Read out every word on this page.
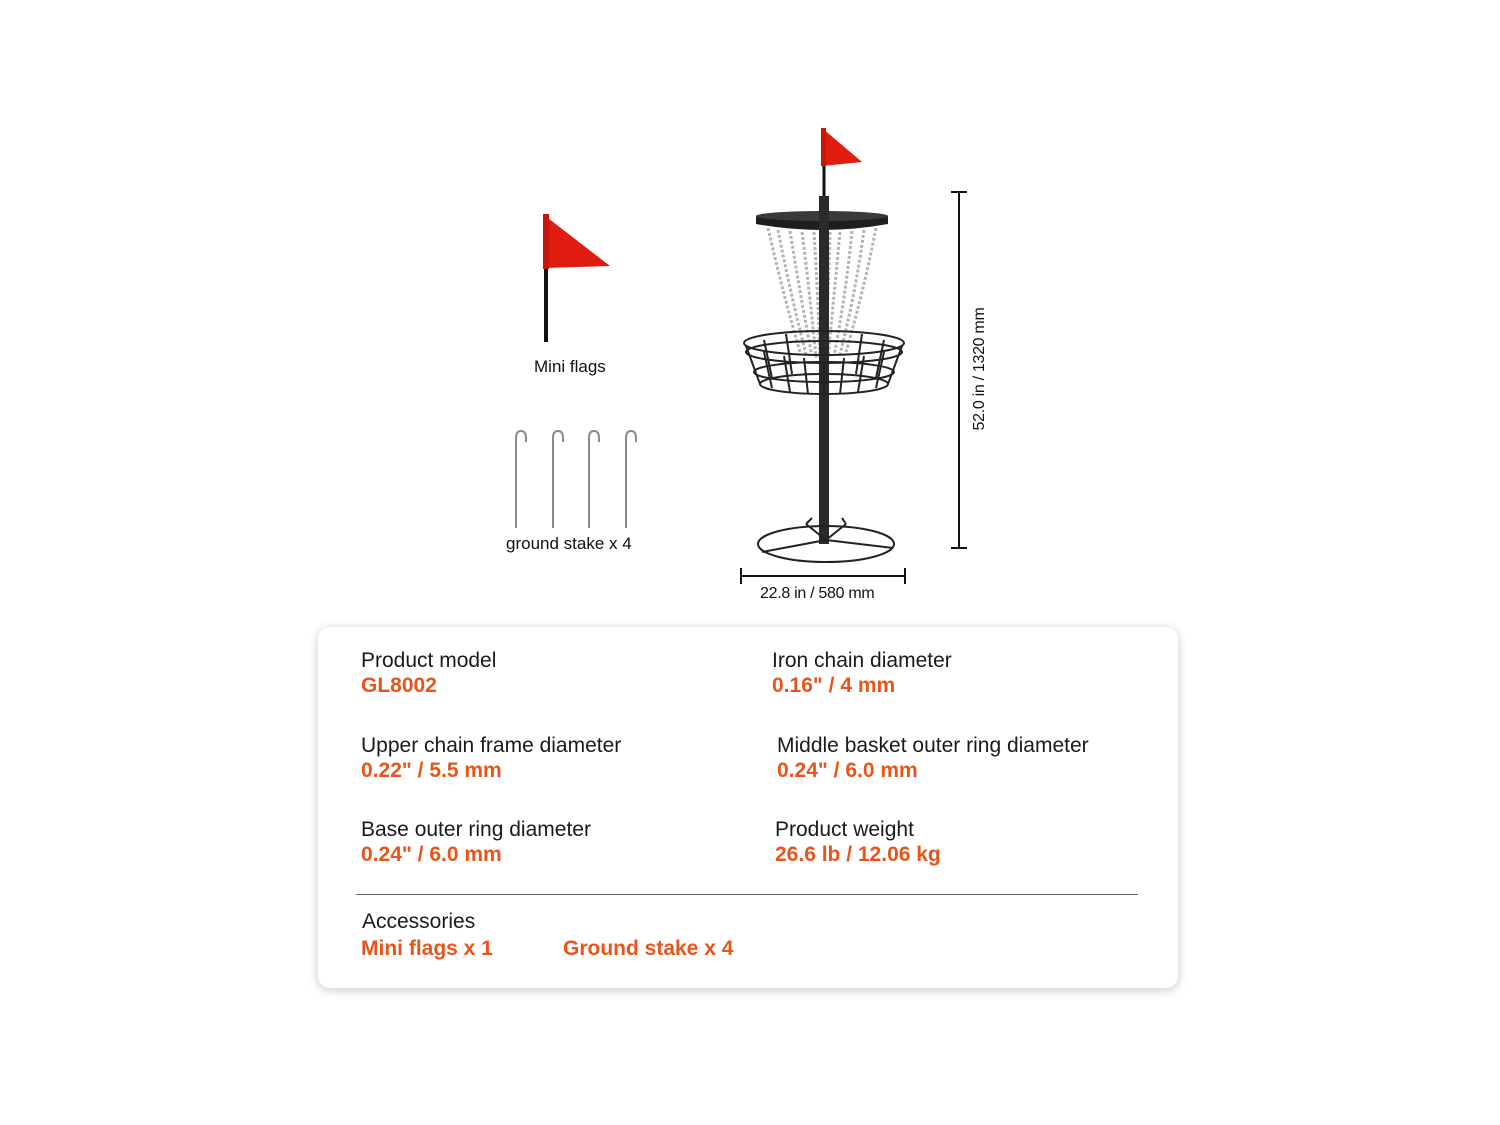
Mini flags
ground stake x 4
22.8 in / 580 mm
52.0 in / 1320 mm
Product model
GL8002
Iron chain diameter
0.16" / 4 mm
Upper chain frame diameter
0.22" / 5.5 mm
Middle basket outer ring diameter
0.24" / 6.0 mm
Base outer ring diameter
0.24" / 6.0 mm
Product weight
26.6 lb / 12.06 kg
Accessories
Mini flags x 1	Ground stake x 4
